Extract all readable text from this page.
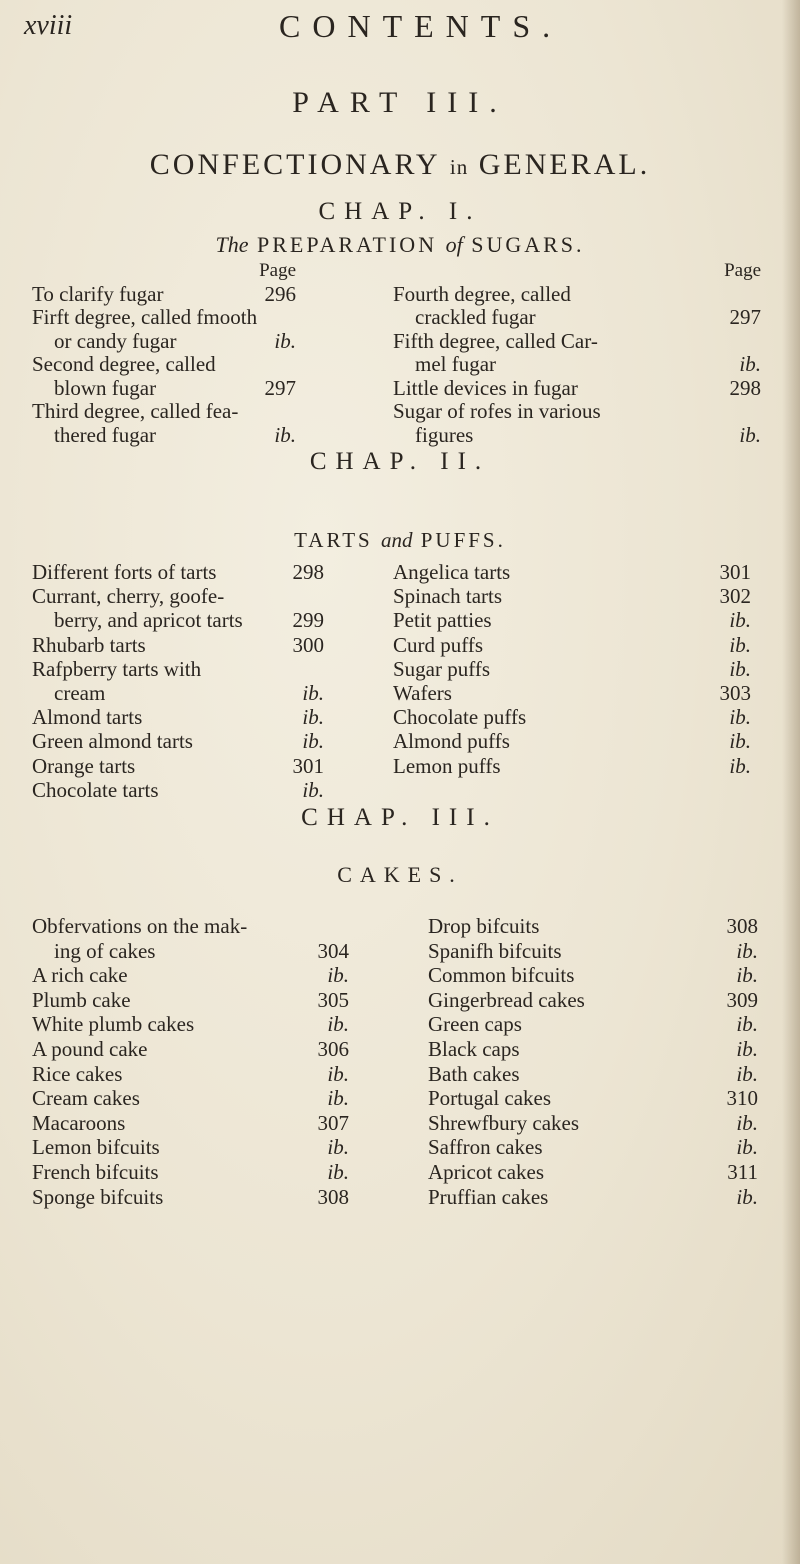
xviii	CONTENTS.
PART III.
CONFECTIONARY in GENERAL.
CHAP. I.
The PREPARATION of SUGARS.
Page
To clarify fugar	296
Firft degree, called fmooth
or candy fugar	ib.
Second degree, called
blown fugar	297
Third degree, called fea-
thered fugar	ib.
Page
Fourth degree, called
crackled fugar	297
Fifth degree, called Car-
mel fugar	ib.
Little devices in fugar	298
Sugar of rofes in various
figures	ib.
CHAP. II.
TARTS and PUFFS.
Different forts of tarts	298
Currant, cherry, goofe-
berry, and apricot tarts 299
Rhubarb tarts	300
Rafpberry tarts with
cream	ib.
Almond tarts	ib.
Green almond tarts	ib.
Orange tarts	301
Chocolate tarts	ib.
Angelica tarts	301
Spinach tarts	302
Petit patties	ib.
Curd puffs	ib.
Sugar puffs	ib.
Wafers	303
Chocolate puffs	ib.
Almond puffs	ib.
Lemon puffs	ib.
CHAP. III.
CAKES.
Obfervations on the mak-
ing of cakes	304
A rich cake	ib.
Plumb cake	305
White plumb cakes	ib.
A pound cake	306
Rice cakes	ib.
Cream cakes	ib.
Macaroons	307
Lemon bifcuits	ib.
French bifcuits	ib.
Sponge bifcuits	308
Drop bifcuits	308
Spanifh bifcuits	ib.
Common bifcuits	ib.
Gingerbread cakes	309
Green caps	ib.
Black caps	ib.
Bath cakes	ib.
Portugal cakes	310
Shrewfbury cakes	ib.
Saffron cakes	ib.
Apricot cakes	311
Pruffian cakes	ib.
